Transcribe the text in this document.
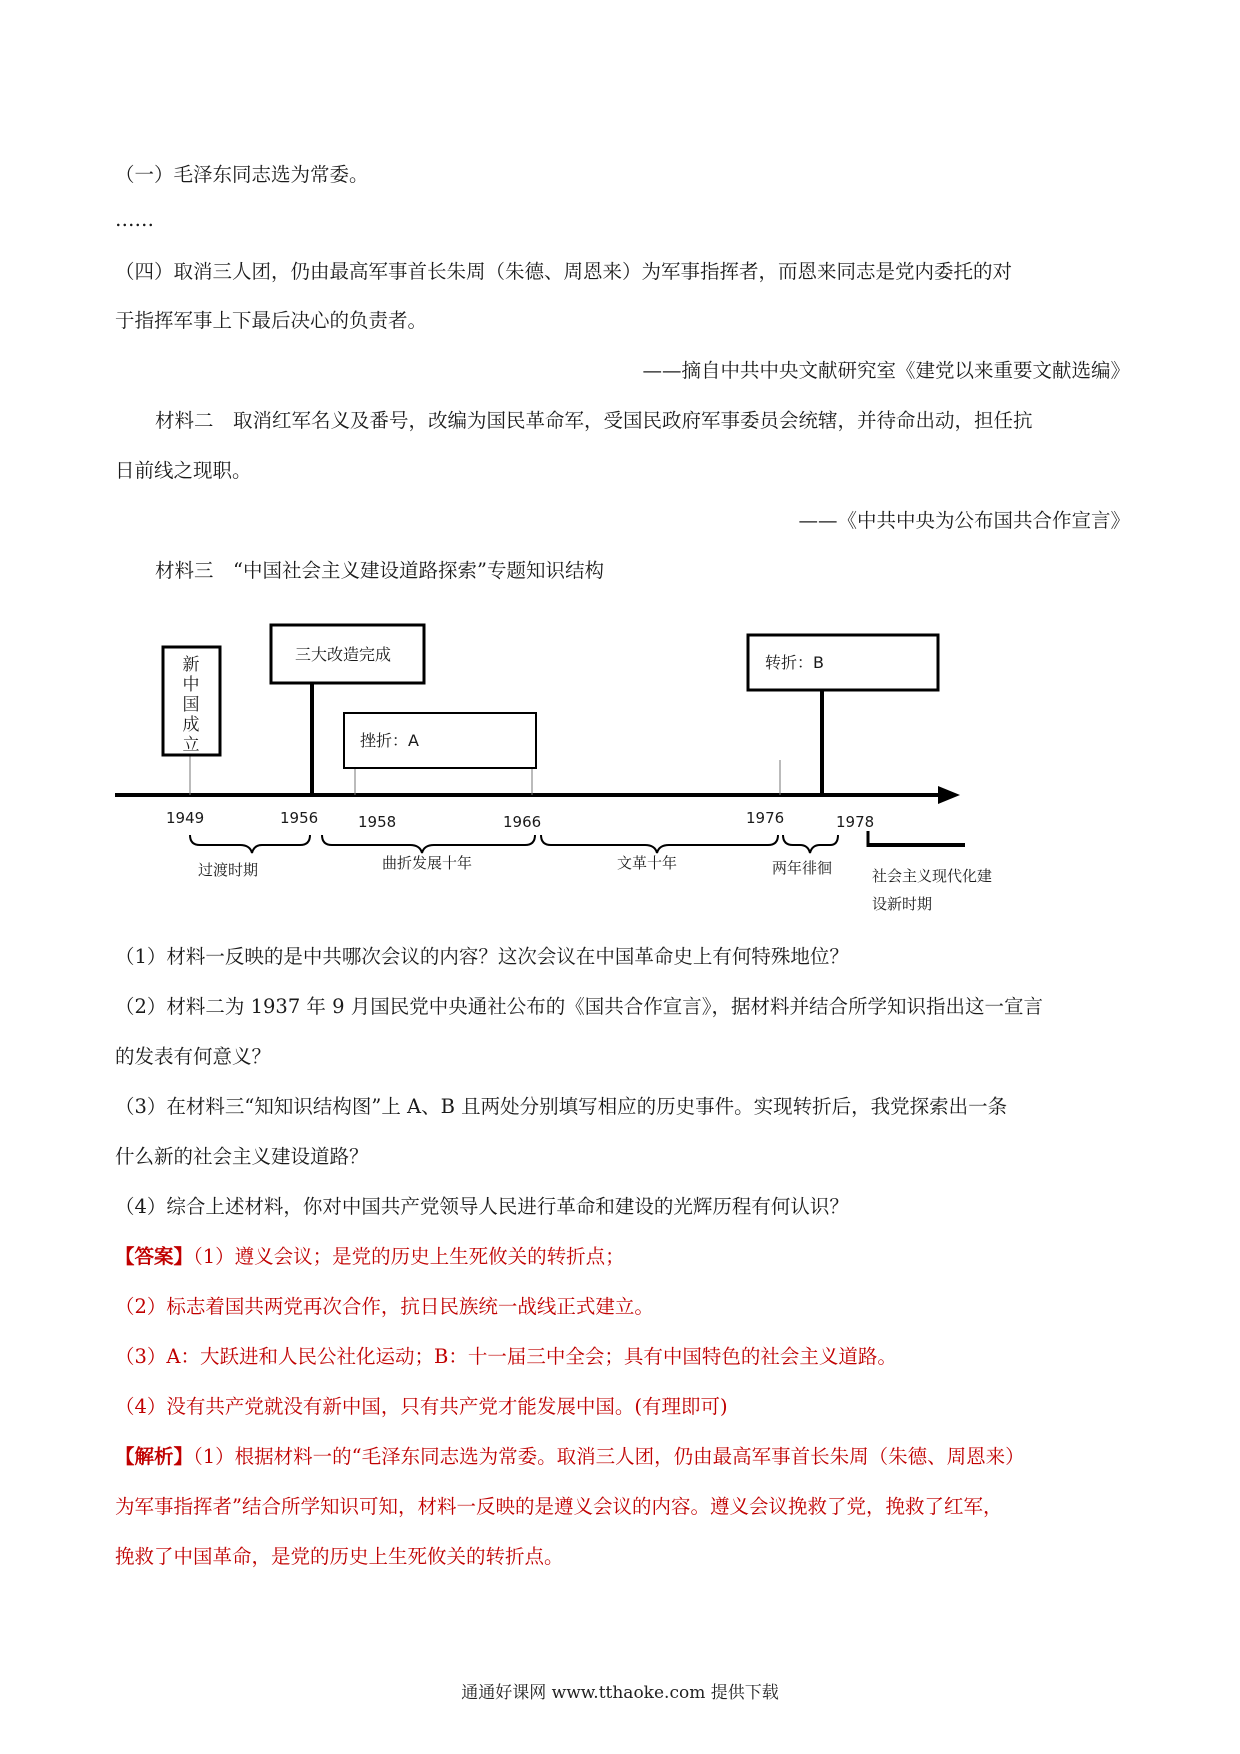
（一）毛泽东同志选为常委。
……
（四）取消三人团，仍由最高军事首长朱周（朱德、周恩来）为军事指挥者，而恩来同志是党内委托的对
于指挥军事上下最后决心的负责者。
——摘自中共中央文献研究室《建党以来重要文献选编》
材料二　取消红军名义及番号，改编为国民革命军，受国民政府军事委员会统辖，并待命出动，担任抗
日前线之现职。
——《中共中央为公布国共合作宣言》
材料三　“中国社会主义建设道路探索”专题知识结构
新
中
国
成
立
三大改造完成
挫折：A
转折：B
1949	1956	1958	1966	1976	1978
过渡时期	曲折发展十年	文革十年	两年徘徊	社会主义现代化建
设新时期
（1）材料一反映的是中共哪次会议的内容？这次会议在中国革命史上有何特殊地位？
（2）材料二为 1937 年 9 月国民党中央通社公布的《国共合作宣言》，据材料并结合所学知识指出这一宣言
的发表有何意义？
（3）在材料三“知知识结构图”上 A、B 且两处分别填写相应的历史事件。实现转折后，我党探索出一条
什么新的社会主义建设道路？
（4）综合上述材料，你对中国共产党领导人民进行革命和建设的光辉历程有何认识？
【答案】（1）遵义会议；是党的历史上生死攸关的转折点；
（2）标志着国共两党再次合作，抗日民族统一战线正式建立。
（3）A：大跃进和人民公社化运动；B：十一届三中全会；具有中国特色的社会主义道路。
（4）没有共产党就没有新中国，只有共产党才能发展中国。(有理即可)
【解析】（1）根据材料一的“毛泽东同志选为常委。取消三人团，仍由最高军事首长朱周（朱德、周恩来）
为军事指挥者”结合所学知识可知，材料一反映的是遵义会议的内容。遵义会议挽救了党，挽救了红军，
挽救了中国革命，是党的历史上生死攸关的转折点。
通通好课网 www.tthaoke.com 提供下载
